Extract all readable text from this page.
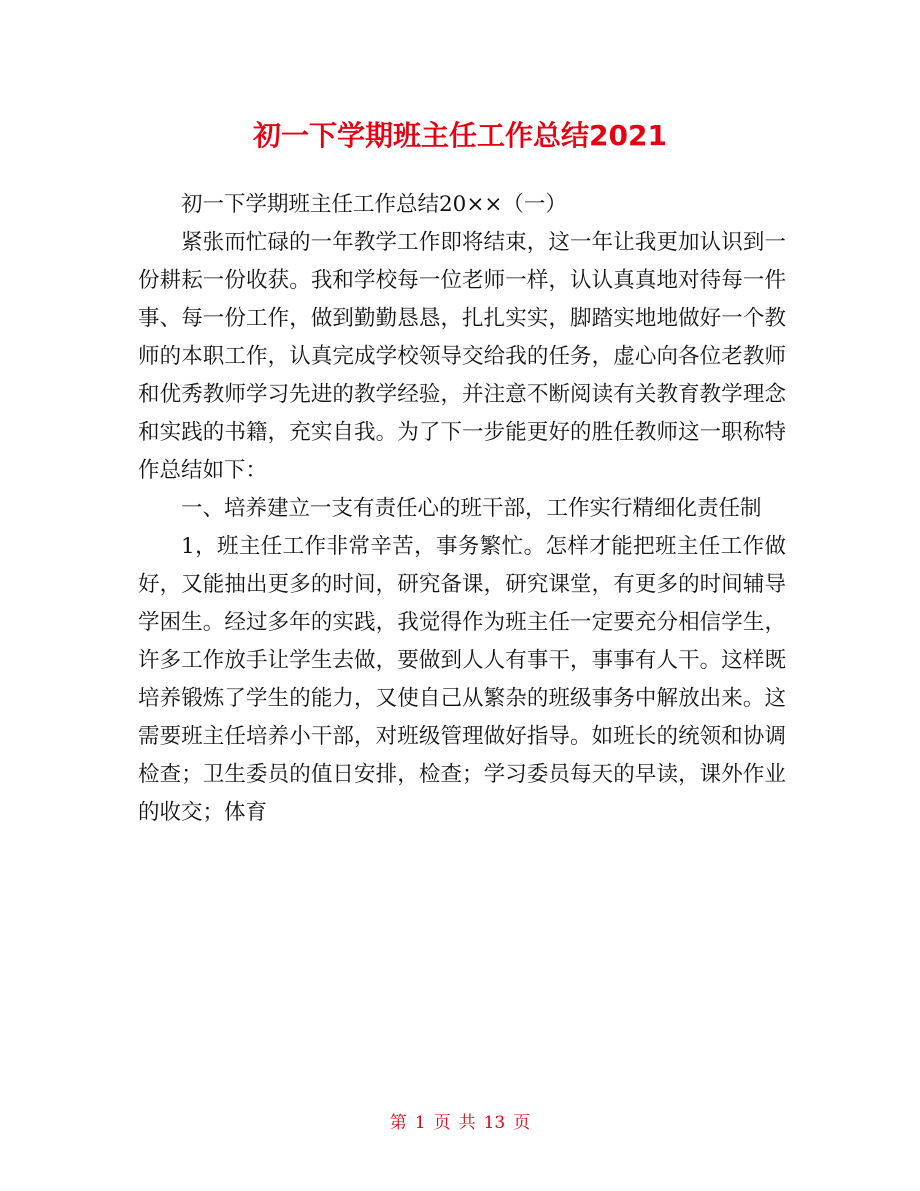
初一下学期班主任工作总结2021

初一下学期班主任工作总结20××（一）

紧张而忙碌的一年教学工作即将结束，这一年让我更加认识到一份耕耘一份收获。我和学校每一位老师一样，认认真真地对待每一件事、每一份工作，做到勤勤恳恳，扎扎实实，脚踏实地地做好一个教师的本职工作，认真完成学校领导交给我的任务，虚心向各位老教师和优秀教师学习先进的教学经验，并注意不断阅读有关教育教学理念和实践的书籍，充实自我。为了下一步能更好的胜任教师这一职称特作总结如下：

一、培养建立一支有责任心的班干部，工作实行精细化责任制

1，班主任工作非常辛苦，事务繁忙。怎样才能把班主任工作做好，又能抽出更多的时间，研究备课，研究课堂，有更多的时间辅导学困生。经过多年的实践，我觉得作为班主任一定要充分相信学生，许多工作放手让学生去做，要做到人人有事干，事事有人干。这样既培养锻炼了学生的能力，又使自己从繁杂的班级事务中解放出来。这需要班主任培养小干部，对班级管理做好指导。如班长的统领和协调检查；卫生委员的值日安排，检查；学习委员每天的早读，课外作业的收交；体育

第 1 页 共 13 页
